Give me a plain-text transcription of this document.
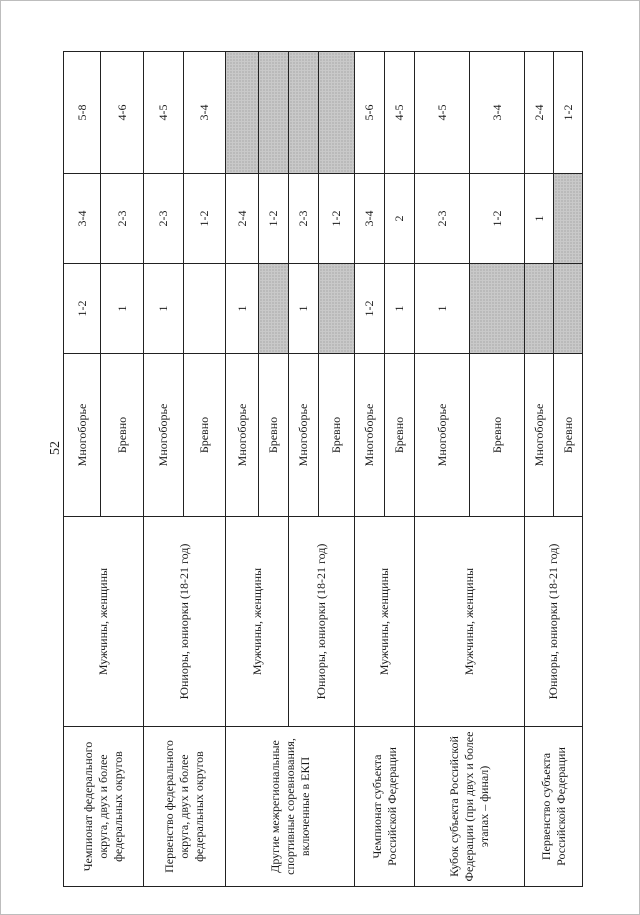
52
Чемпионат федерального округа, двух и более федеральных округов	Мужчины, женщины	Многоборье	1-2	3-4	5-8
		Бревно	1	2-3	4-6
Первенство федерального округа, двух и более федеральных округов	Юниоры, юниорки (18-21 год)	Многоборье	1	2-3	4-5
		Бревно		1-2	3-4
Другие межрегиональные спортивные соревнования, включенные в ЕКП	Мужчины, женщины	Многоборье	1	2-4	
		Бревно		1-2	
	Юниоры, юниорки (18-21 год)	Многоборье	1	2-3	
		Бревно		1-2	
Чемпионат субъекта Российской Федерации	Мужчины, женщины	Многоборье	1-2	3-4	5-6
		Бревно	1	2	4-5
Кубок субъекта Российской Федерации (при двух и более этапах – финал)	Мужчины, женщины	Многоборье	1	2-3	4-5
		Бревно		1-2	3-4
Первенство субъекта Российской Федерации	Юниоры, юниорки (18-21 год)	Многоборье		1	2-4
		Бревно			1-2
